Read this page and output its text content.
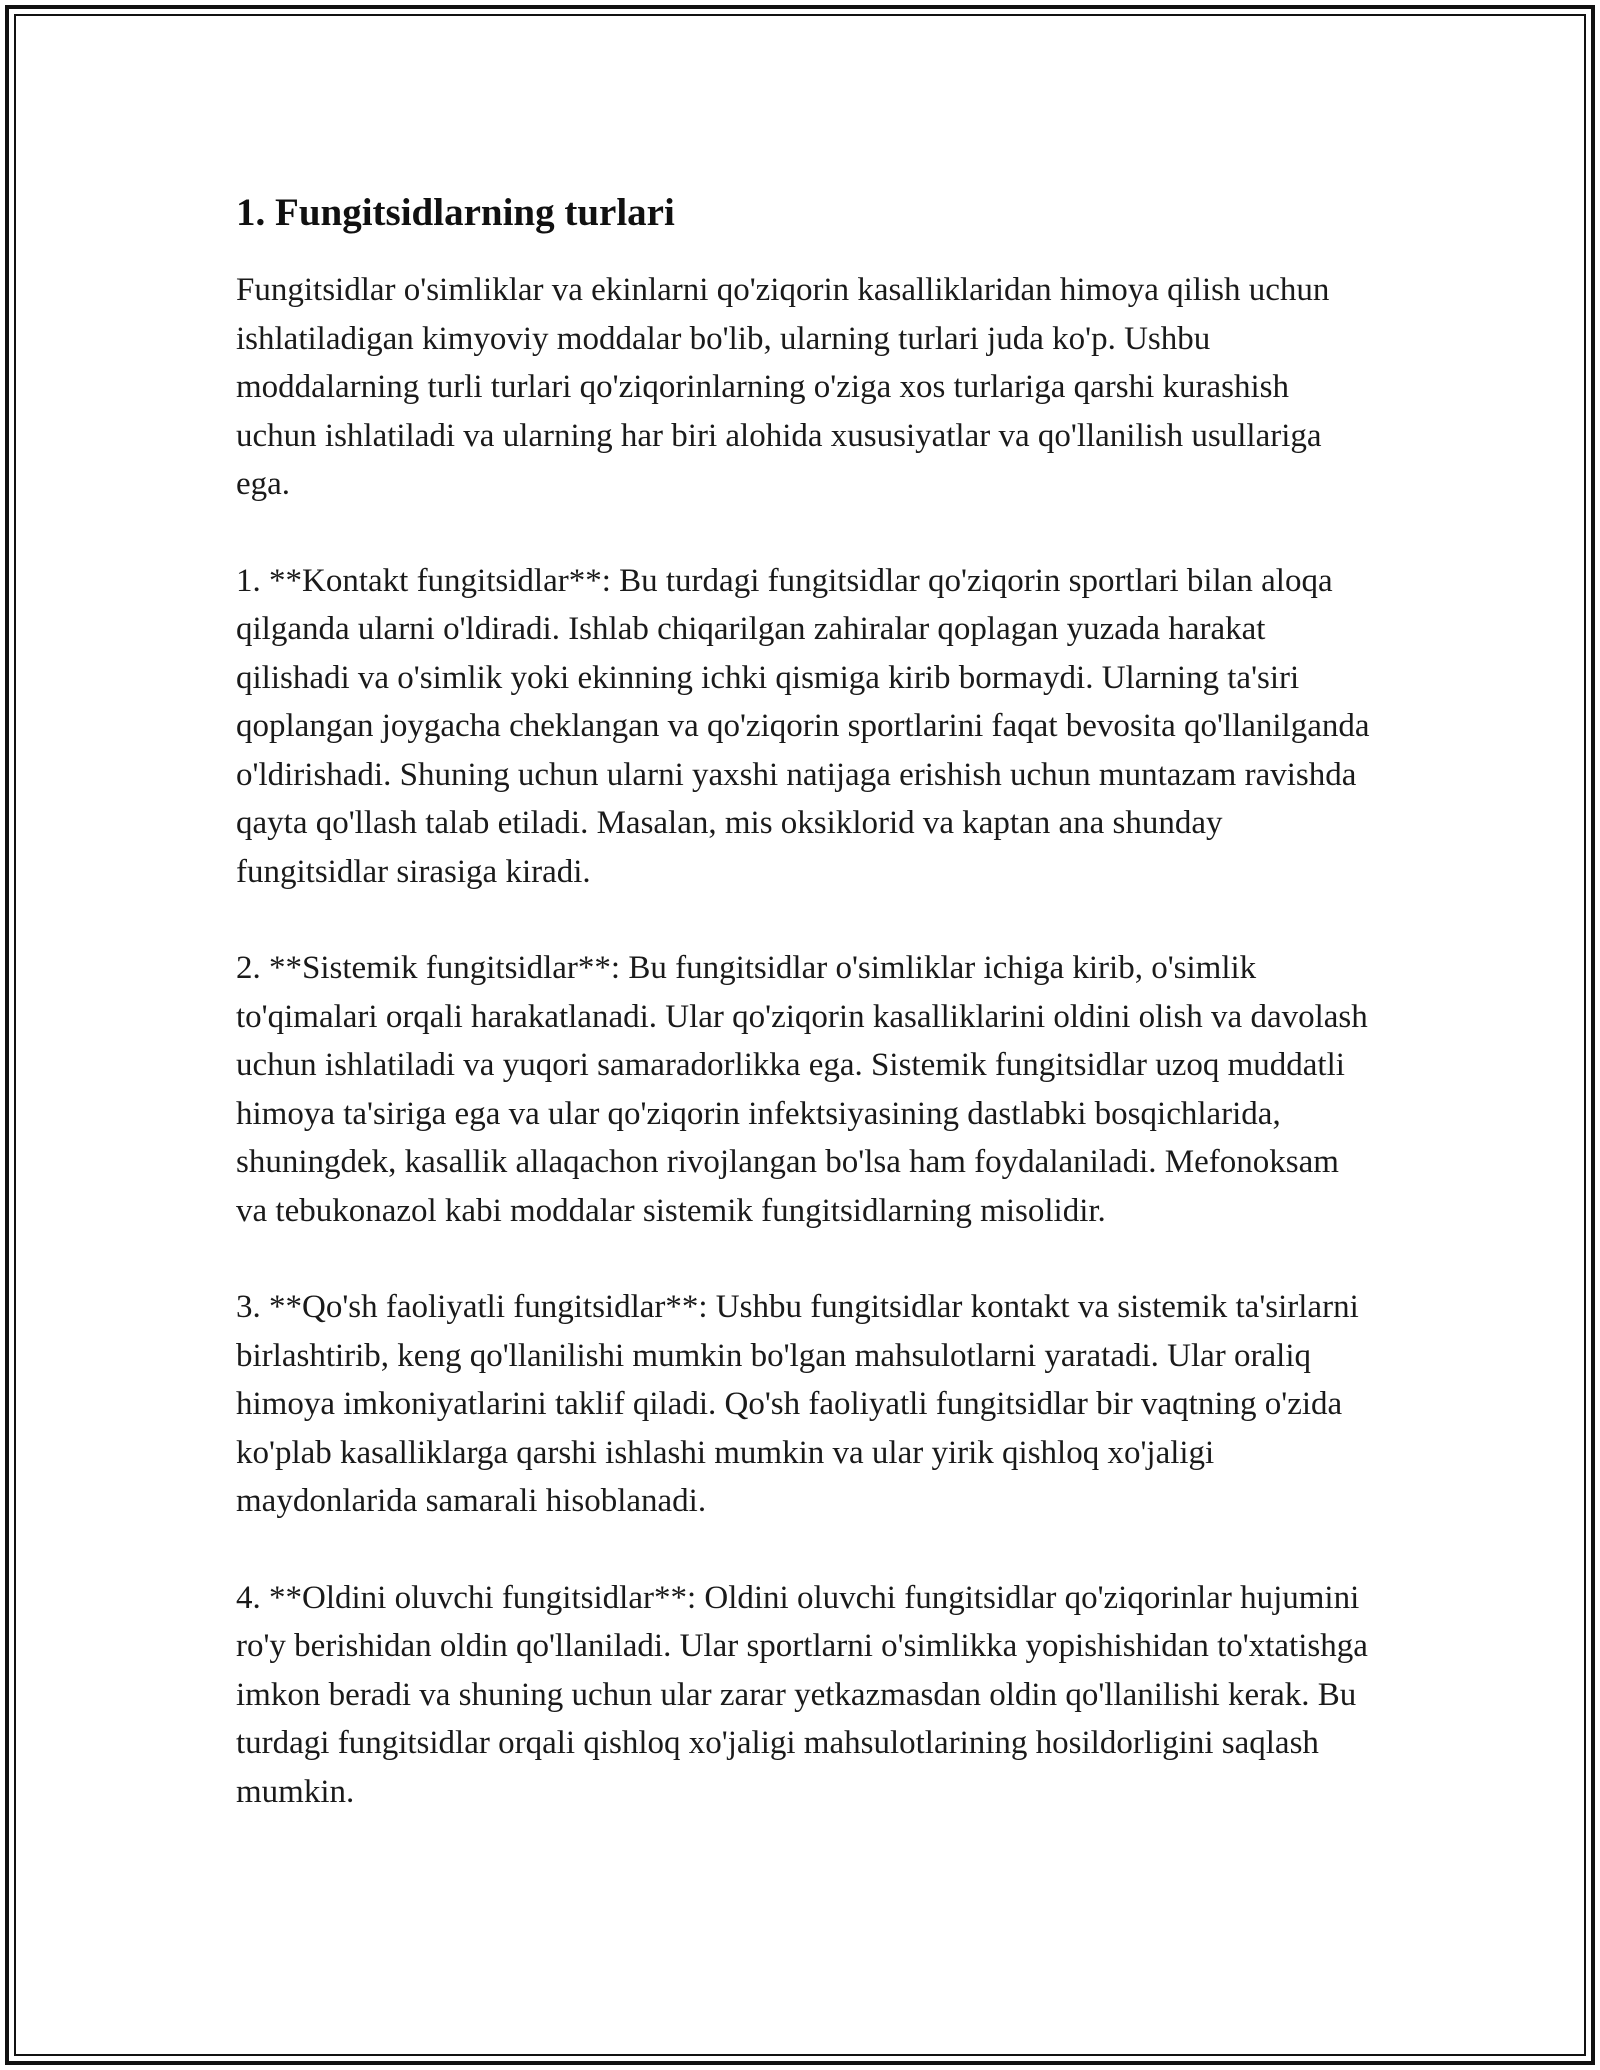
1. Fungitsidlarning turlari

Fungitsidlar o'simliklar va ekinlarni qo'ziqorin kasalliklaridan himoya qilish uchun ishlatiladigan kimyoviy moddalar bo'lib, ularning turlari juda ko'p. Ushbu moddalarning turli turlari qo'ziqorinlarning o'ziga xos turlariga qarshi kurashish uchun ishlatiladi va ularning har biri alohida xususiyatlar va qo'llanilish usullariga ega.

1. **Kontakt fungitsidlar**: Bu turdagi fungitsidlar qo'ziqorin sportlari bilan aloqa qilganda ularni o'ldiradi. Ishlab chiqarilgan zahiralar qoplagan yuzada harakat qilishadi va o'simlik yoki ekinning ichki qismiga kirib bormaydi. Ularning ta'siri qoplangan joygacha cheklangan va qo'ziqorin sportlarini faqat bevosita qo'llanilganda o'ldirishadi. Shuning uchun ularni yaxshi natijaga erishish uchun muntazam ravishda qayta qo'llash talab etiladi. Masalan, mis oksiklorid va kaptan ana shunday fungitsidlar sirasiga kiradi.

2. **Sistemik fungitsidlar**: Bu fungitsidlar o'simliklar ichiga kirib, o'simlik to'qimalari orqali harakatlanadi. Ular qo'ziqorin kasalliklarini oldini olish va davolash uchun ishlatiladi va yuqori samaradorlikka ega. Sistemik fungitsidlar uzoq muddatli himoya ta'siriga ega va ular qo'ziqorin infektsiyasining dastlabki bosqichlarida, shuningdek, kasallik allaqachon rivojlangan bo'lsa ham foydalaniladi. Mefonoksam va tebukonazol kabi moddalar sistemik fungitsidlarning misolidir.

3. **Qo'sh faoliyatli fungitsidlar**: Ushbu fungitsidlar kontakt va sistemik ta'sirlarni birlashtirib, keng qo'llanilishi mumkin bo'lgan mahsulotlarni yaratadi. Ular oraliq himoya imkoniyatlarini taklif qiladi. Qo'sh faoliyatli fungitsidlar bir vaqtning o'zida ko'plab kasalliklarga qarshi ishlashi mumkin va ular yirik qishloq xo'jaligi maydonlarida samarali hisoblanadi.

4. **Oldini oluvchi fungitsidlar**: Oldini oluvchi fungitsidlar qo'ziqorinlar hujumini ro'y berishidan oldin qo'llaniladi. Ular sportlarni o'simlikka yopishishidan to'xtatishga imkon beradi va shuning uchun ular zarar yetkazmasdan oldin qo'llanilishi kerak. Bu turdagi fungitsidlar orqali qishloq xo'jaligi mahsulotlarining hosildorligini saqlash mumkin.
